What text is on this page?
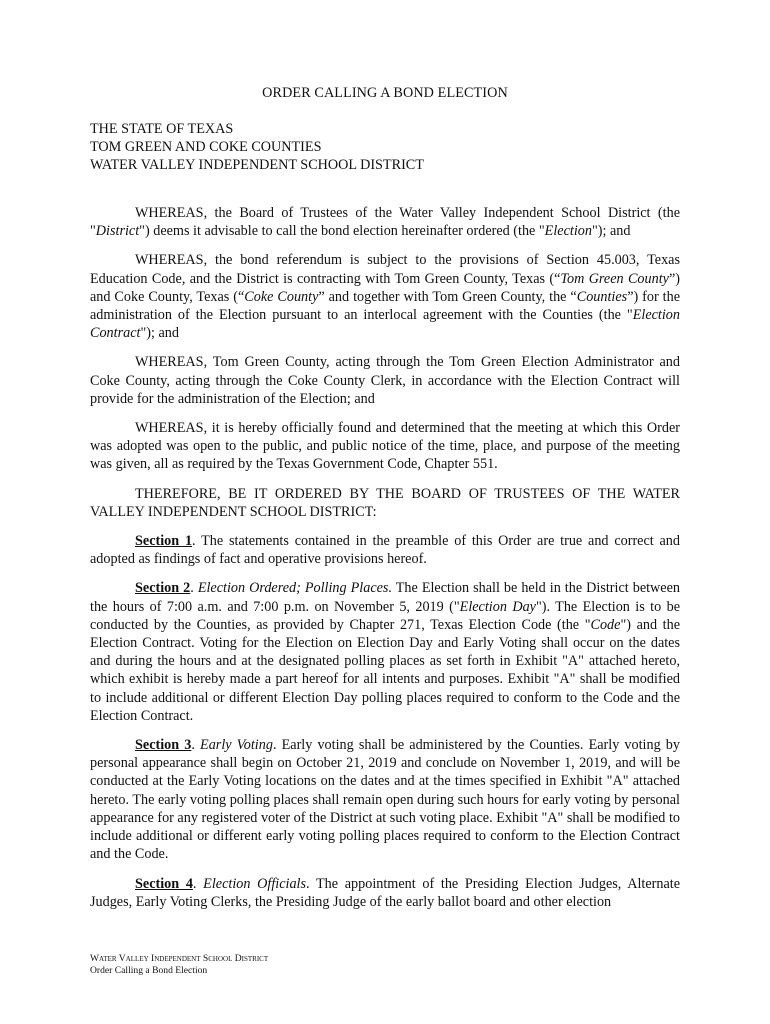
ORDER CALLING A BOND ELECTION
THE STATE OF TEXAS
TOM GREEN AND COKE COUNTIES
WATER VALLEY INDEPENDENT SCHOOL DISTRICT

WHEREAS, the Board of Trustees of the Water Valley Independent School District (the "District") deems it advisable to call the bond election hereinafter ordered (the "Election"); and

WHEREAS, the bond referendum is subject to the provisions of Section 45.003, Texas Education Code, and the District is contracting with Tom Green County, Texas (“Tom Green County”) and Coke County, Texas (“Coke County” and together with Tom Green County, the “Counties”) for the administration of the Election pursuant to an interlocal agreement with the Counties (the "Election Contract"); and

WHEREAS, Tom Green County, acting through the Tom Green Election Administrator and Coke County, acting through the Coke County Clerk, in accordance with the Election Contract will provide for the administration of the Election; and

WHEREAS, it is hereby officially found and determined that the meeting at which this Order was adopted was open to the public, and public notice of the time, place, and purpose of the meeting was given, all as required by the Texas Government Code, Chapter 551.

THEREFORE, BE IT ORDERED BY THE BOARD OF TRUSTEES OF THE WATER VALLEY INDEPENDENT SCHOOL DISTRICT:

Section 1. The statements contained in the preamble of this Order are true and correct and adopted as findings of fact and operative provisions hereof.

Section 2. Election Ordered; Polling Places. The Election shall be held in the District between the hours of 7:00 a.m. and 7:00 p.m. on November 5, 2019 ("Election Day"). The Election is to be conducted by the Counties, as provided by Chapter 271, Texas Election Code (the "Code") and the Election Contract. Voting for the Election on Election Day and Early Voting shall occur on the dates and during the hours and at the designated polling places as set forth in Exhibit "A" attached hereto, which exhibit is hereby made a part hereof for all intents and purposes. Exhibit "A" shall be modified to include additional or different Election Day polling places required to conform to the Code and the Election Contract.

Section 3. Early Voting. Early voting shall be administered by the Counties. Early voting by personal appearance shall begin on October 21, 2019 and conclude on November 1, 2019, and will be conducted at the Early Voting locations on the dates and at the times specified in Exhibit "A" attached hereto. The early voting polling places shall remain open during such hours for early voting by personal appearance for any registered voter of the District at such voting place. Exhibit "A" shall be modified to include additional or different early voting polling places required to conform to the Election Contract and the Code.

Section 4. Election Officials. The appointment of the Presiding Election Judges, Alternate Judges, Early Voting Clerks, the Presiding Judge of the early ballot board and other election

Water Valley Independent School District
Order Calling a Bond Election
